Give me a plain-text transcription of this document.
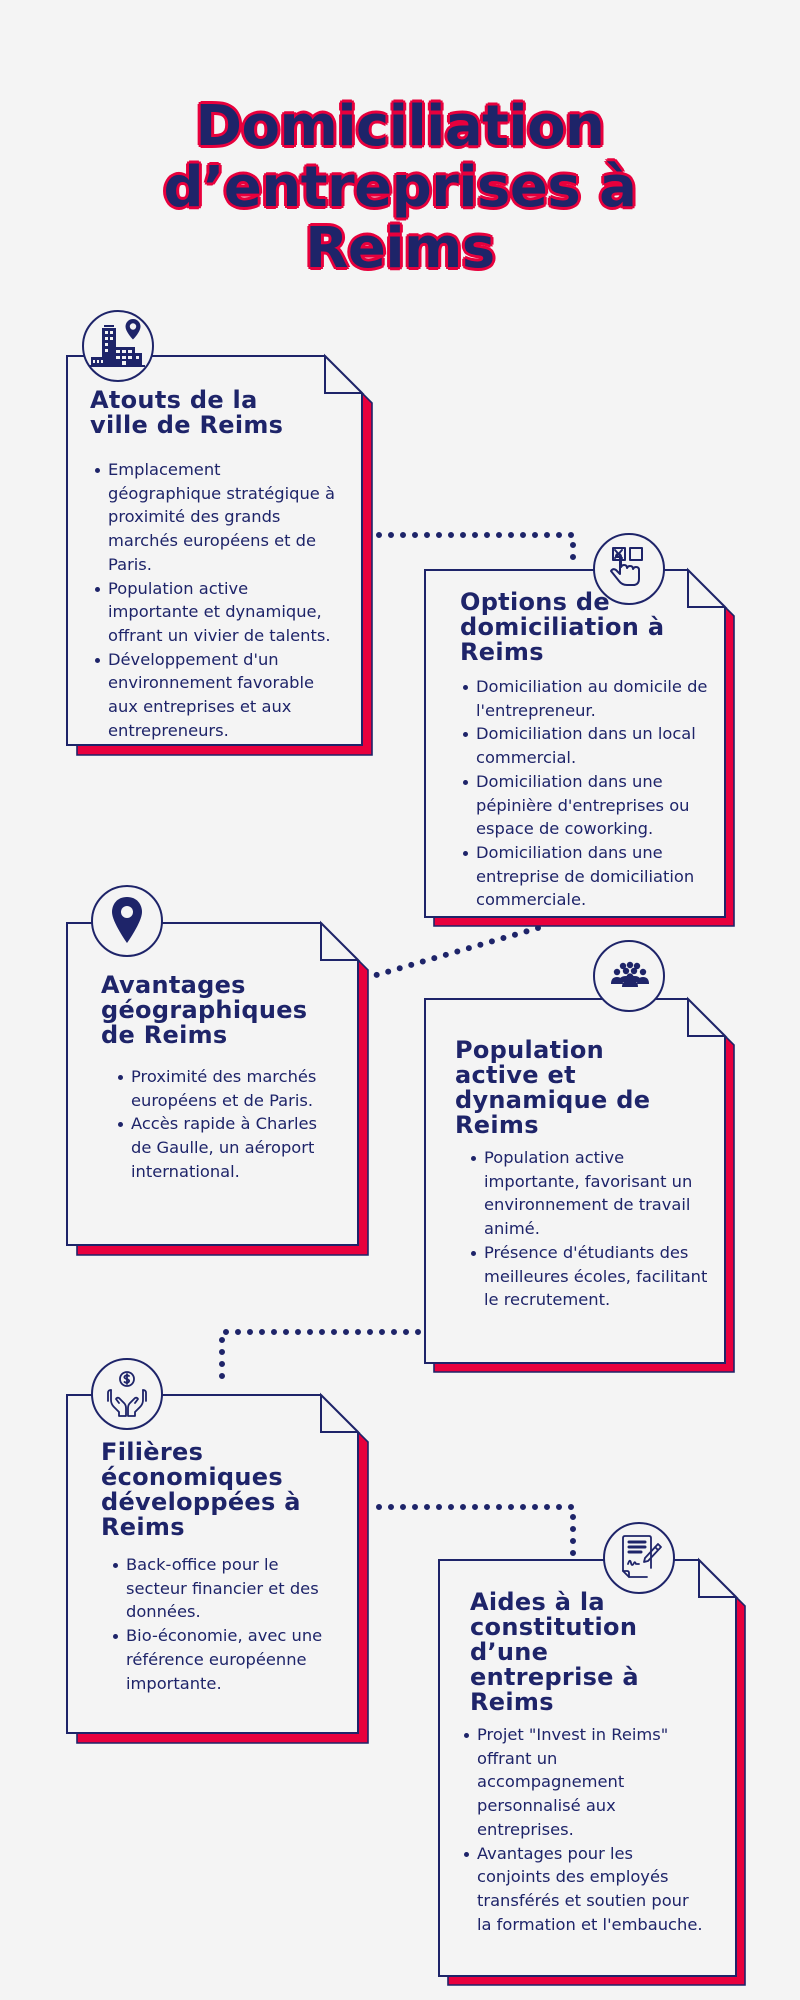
Domiciliation
d’entreprises à
Reims
Atouts de la
ville de Reims
Emplacement géographique stratégique à proximité des grands marchés européens et de Paris.
Population active importante et dynamique, offrant un vivier de talents.
Développement d'un environnement favorable aux entreprises et aux entrepreneurs.
Options de
domiciliation à
Reims
Domiciliation au domicile de l'entrepreneur.
Domiciliation dans un local commercial.
Domiciliation dans une pépinière d'entreprises ou espace de coworking.
Domiciliation dans une entreprise de domiciliation commerciale.
Avantages
géographiques
de Reims
Proximité des marchés européens et de Paris.
Accès rapide à Charles de Gaulle, un aéroport international.
Population
active et
dynamique de
Reims
Population active importante, favorisant un environnement de travail animé.
Présence d'étudiants des meilleures écoles, facilitant le recrutement.
Filières
économiques
développées à
Reims
Back-office pour le secteur financier et des données.
Bio-économie, avec une référence européenne importante.
Aides à la
constitution
d’une
entreprise à
Reims
Projet "Invest in Reims" offrant un accompagnement personnalisé aux entreprises.
Avantages pour les conjoints des employés transférés et soutien pour la formation et l'embauche.
